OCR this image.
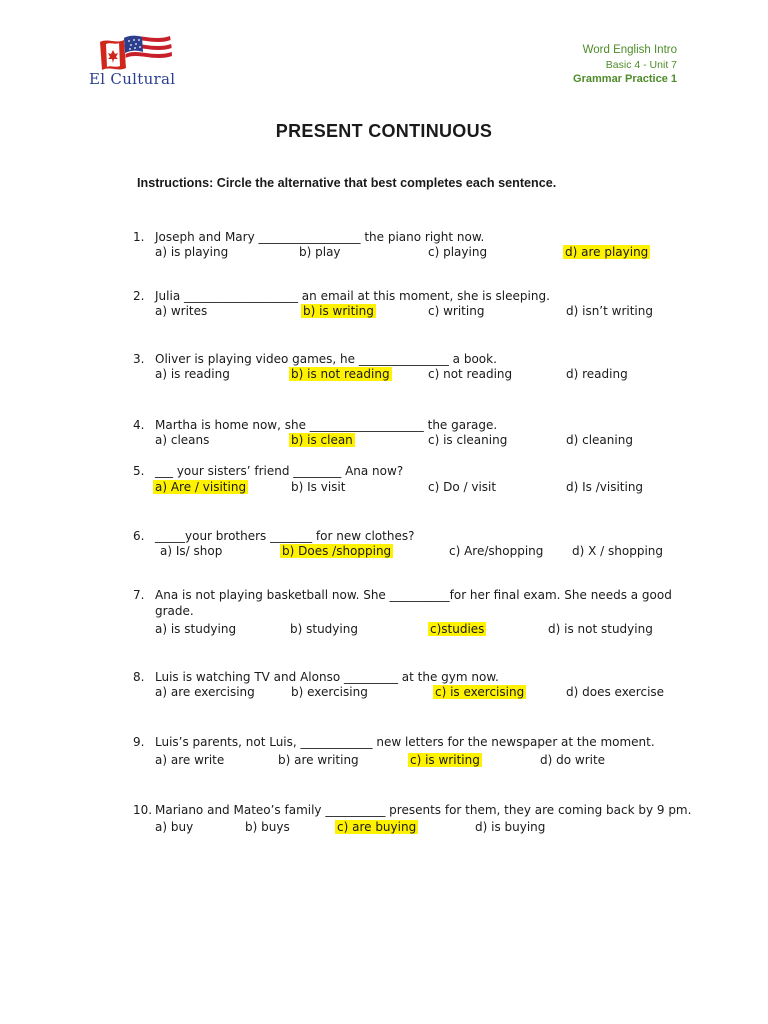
El Cultural
Word English Intro
Basic 4 - Unit 7
Grammar Practice 1
PRESENT CONTINUOUS
Instructions: Circle the alternative that best completes each sentence.
1. Joseph and Mary _________________ the piano right now.
a) is playing	b) play	c) playing	d) are playing
2. Julia ___________________ an email at this moment, she is sleeping.
a) writes	b) is writing	c) writing	d) isn’t writing
3. Oliver is playing video games, he _______________ a book.
a) is reading	b) is not reading	c) not reading	d) reading
4. Martha is home now, she ___________________ the garage.
a) cleans	b) is clean	c) is cleaning	d) cleaning
5. ___ your sisters’ friend ________ Ana now?
a) Are / visiting	b) Is visit	c) Do / visit	d) Is /visiting
6. _____your brothers _______ for new clothes?
a) Is/ shop	b) Does /shopping	c) Are/shopping d) X / shopping
7. Ana is not playing basketball now. She __________for her final exam. She needs a good
grade.
a) is studying	b) studying	c)studies	d) is not studying
8. Luis is watching TV and Alonso _________ at the gym now.
a) are exercising	b) exercising	c) is exercising	d) does exercise
9. Luis’s parents, not Luis, ____________ new letters for the newspaper at the moment.
a) are write	b) are writing	c) is writing	d) do write
10. Mariano and Mateo’s family __________ presents for them, they are coming back by 9 pm.
a) buy	b) buys	c) are buying	d) is buying
